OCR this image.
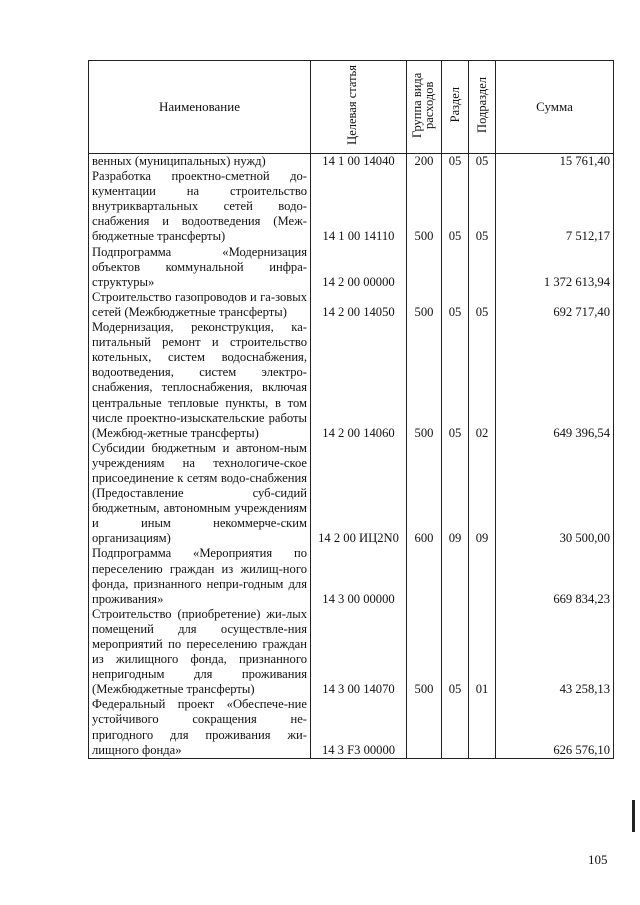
Наименование	Целевая статья	Группа вида расходов	Раздел	Подраздел	Сумма
венных (муниципальных) нужд)	14 1 00 14040	200	05	05	15 761,40
Разработка проектно-сметной до-кументации на строительство внутриквартальных сетей водо-снабжения и водоотведения (Меж-бюджетные трансферты)	14 1 00 14110	500	05	05	7 512,17
Подпрограмма «Модернизация объектов коммунальной инфра-структуры»	14 2 00 00000				1 372 613,94
Строительство газопроводов и га-зовых сетей (Межбюджетные трансферты)	14 2 00 14050	500	05	05	692 717,40
Модернизация, реконструкция, ка-питальный ремонт и строительство котельных, систем водоснабжения, водоотведения, систем электро-снабжения, теплоснабжения, включая центральные тепловые пункты, в том числе проектно-изыскательские работы (Межбюд-жетные трансферты)	14 2 00 14060	500	05	02	649 396,54
Субсидии бюджетным и автоном-ным учреждениям на технологиче-ское присоединение к сетям водо-снабжения (Предоставление суб-сидий бюджетным, автономным учреждениям и иным некоммерче-ским организациям)	14 2 00 ИЦ2N0	600	09	09	30 500,00
Подпрограмма «Мероприятия по переселению граждан из жилищ-ного фонда, признанного непри-годным для проживания»	14 3 00 00000				669 834,23
Строительство (приобретение) жи-лых помещений для осуществле-ния мероприятий по переселению граждан из жилищного фонда, признанного непригодным для проживания (Межбюджетные трансферты)	14 3 00 14070	500	05	01	43 258,13
Федеральный проект «Обеспече-ние устойчивого сокращения не-пригодного для проживания жи-лищного фонда»	14 3 F3 00000				626 576,10
105
